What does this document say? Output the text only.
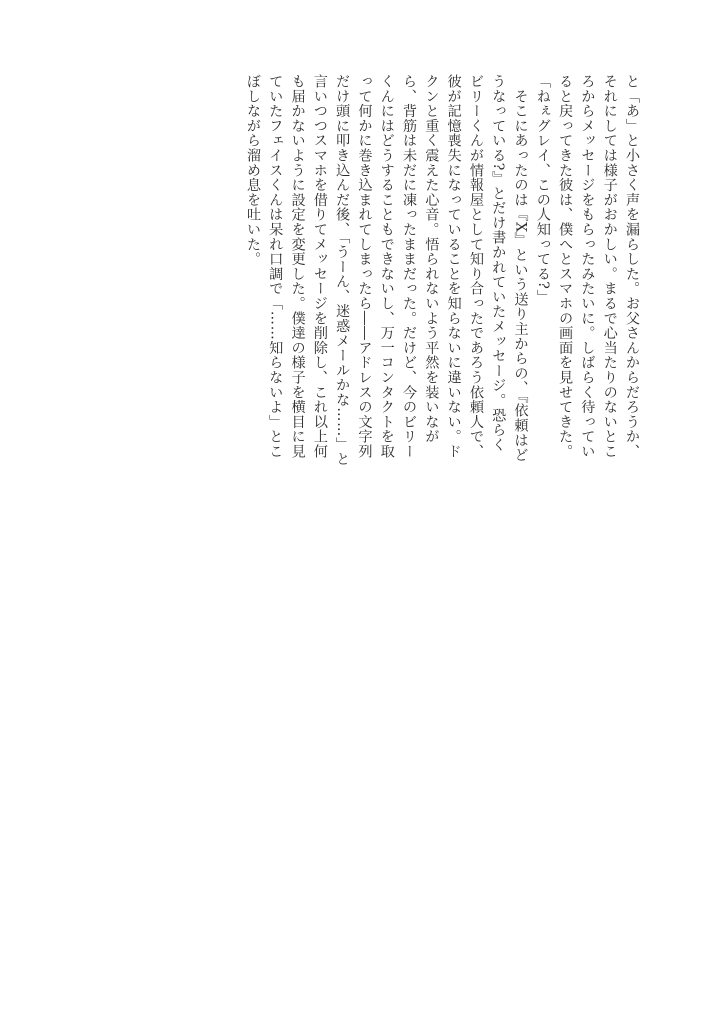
と「あ」と小さく声を漏らした。お父さんからだろうか、
それにしては様子がおかしい。まるで心当たりのないとこ
ろからメッセージをもらったみたいに。しばらく待ってい
ると戻ってきた彼は、僕へとスマホの画面を見せてきた。
「ねぇグレイ、この人知ってる?」
　そこにあったのは『X』という送り主からの、『依頼はど
うなっている?』とだけ書かれていたメッセージ。恐らく
ビリーくんが情報屋として知り合ったであろう依頼人で、
彼が記憶喪失になっていることを知らないに違いない。ド
クンと重く震えた心音。悟られないよう平然を装いなが
ら、背筋は未だに凍ったままだった。だけど、今のビリー
くんにはどうすることもできないし、万一コンタクトを取
って何かに巻き込まれてしまったら――アドレスの文字列
だけ頭に叩き込んだ後、「うーん、迷惑メールかな……」と
言いつつスマホを借りてメッセージを削除し、これ以上何
も届かないように設定を変更した。僕達の様子を横目に見
ていたフェイスくんは呆れ口調で「……知らないよ」とこ
ぼしながら溜め息を吐いた。
